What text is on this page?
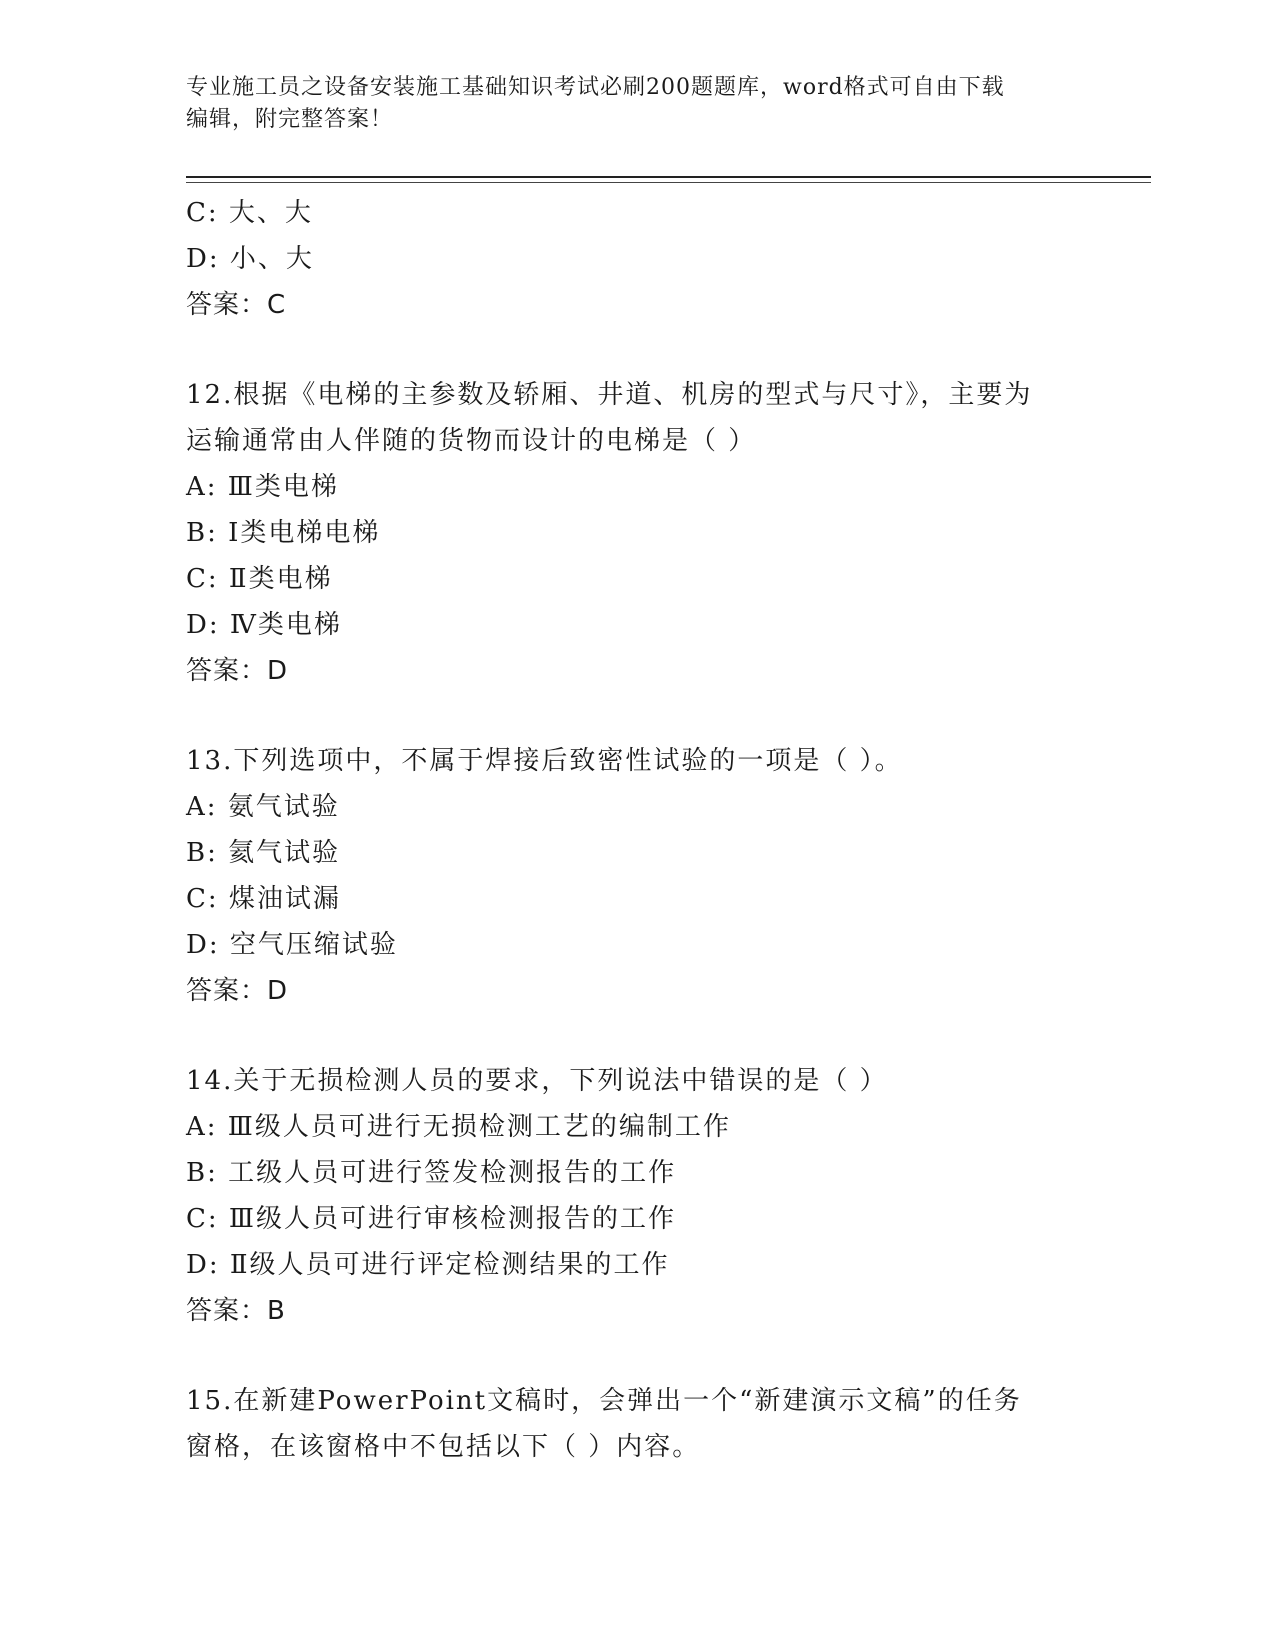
专业施工员之设备安装施工基础知识考试必刷200题题库，word格式可自由下载
编辑，附完整答案！
C: 大、大
D: 小、大
答案：C
12.根据《电梯的主参数及轿厢、井道、机房的型式与尺寸》，主要为
运输通常由人伴随的货物而设计的电梯是（ ）
A: Ⅲ类电梯
B: Ⅰ类电梯电梯
C: Ⅱ类电梯
D: Ⅳ类电梯
答案：D
13.下列选项中，不属于焊接后致密性试验的一项是（ ）。
A: 氨气试验
B: 氦气试验
C: 煤油试漏
D: 空气压缩试验
答案：D
14.关于无损检测人员的要求，下列说法中错误的是（ ）
A: Ⅲ级人员可进行无损检测工艺的编制工作
B: 工级人员可进行签发检测报告的工作
C: Ⅲ级人员可进行审核检测报告的工作
D: Ⅱ级人员可进行评定检测结果的工作
答案：B
15.在新建PowerPoint文稿时，会弹出一个“新建演示文稿”的任务
窗格，在该窗格中不包括以下（ ）内容。
